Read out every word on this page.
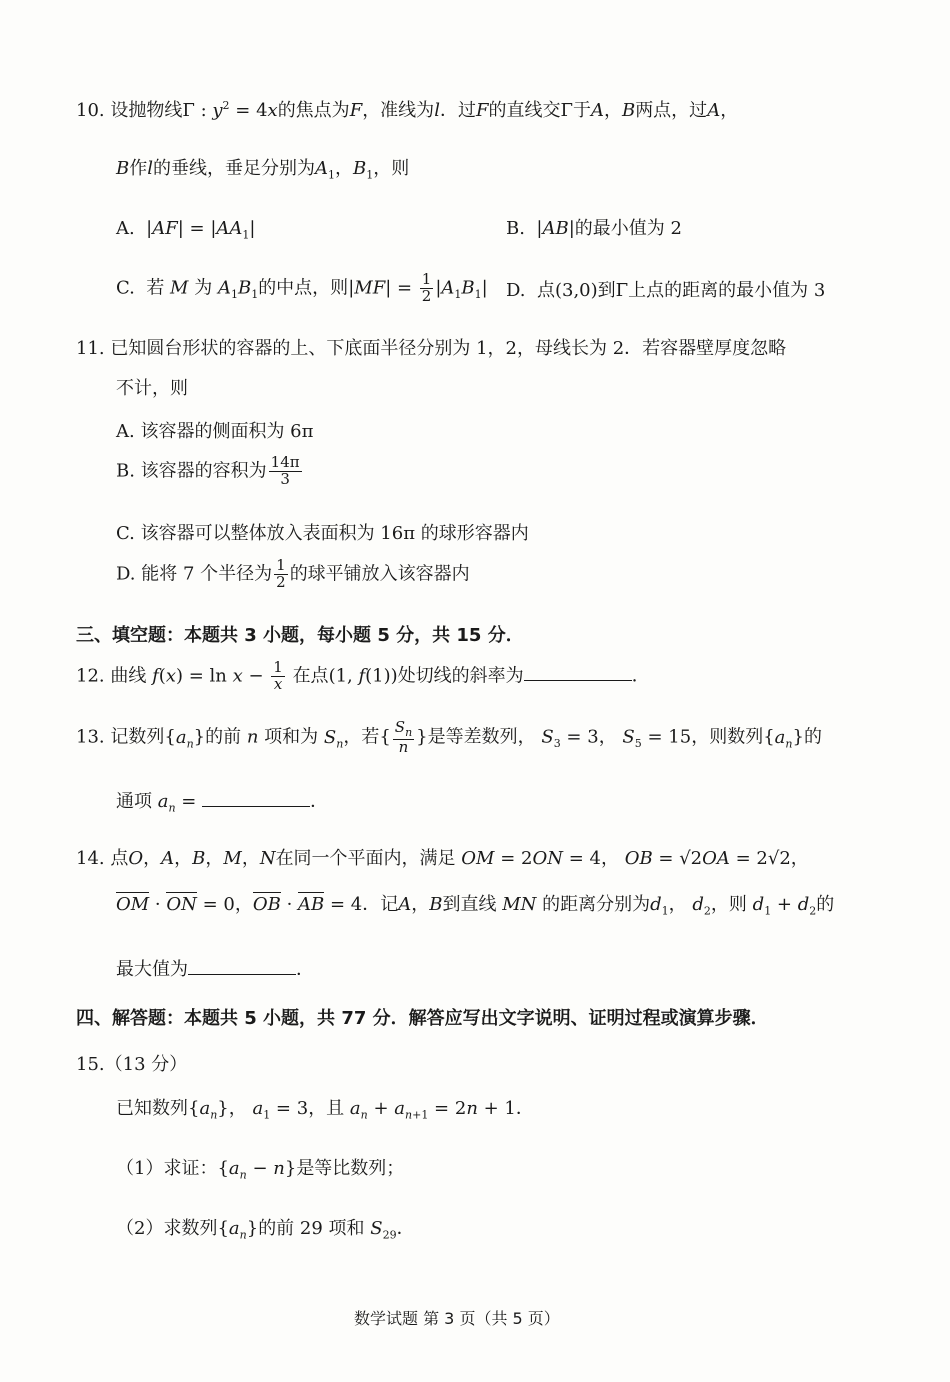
10. 设抛物线Γ : $y^2 = 4x$的焦点为F，准线为l．过F的直线交Γ于A，B两点，过A，
B作l的垂线，垂足分别为$A_1$，$B_1$，则
A.  $|AF| = |AA_1|$	B.  |AB|的最小值为 2
C. 若 M 为 $A_1B_1$的中点，则$|MF| = \frac{1}{2} |A_1B_1|$ D. 点(3,0)到Γ上点的距离的最小值为 3
11. 已知圆台形状的容器的上、下底面半径分别为 1，2，母线长为 2．若容器壁厚度忽略
不计，则
A. 该容器的侧面积为 6π
B. 该容器的容积为 $\frac{14\pi}{3}$
C. 该容器可以整体放入表面积为 16π 的球形容器内
D. 能将 7 个半径为 $\frac{1}{2}$ 的球平铺放入该容器内
三、填空题：本题共 3 小题，每小题 5 分，共 15 分．
12. 曲线 $f(x) = \ln x - \frac{1}{x}$ 在点(1, f(1))处切线的斜率为	．
13. 记数列$\{a_n\}$的前 n 项和为 $S_n$，若{ $\frac{S_n}{n}$ }是等差数列， $S_3 = 3$， $S_5 = 15$，则数列$\{a_n\}$的
通项 $a_n$ =	．
14. 点O，A，B，M，N在同一个平面内，满足 OM = 2ON = 4， OB = √2OA = 2√2，
OM · ON = 0，OB · AB = 4．记A，B到直线 MN 的距离分别为$d_1$， $d_2$，则 $d_1 + d_2$的
最大值为	．
四、解答题：本题共 5 小题，共 77 分．解答应写出文字说明、证明过程或演算步骤．
15.（13 分）
已知数列$\{a_n\}$， $a_1 = 3$，且 $a_n + a_{n+1} = 2n + 1$．
（1）求证：$\{a_n - n\}$是等比数列；
（2）求数列$\{a_n\}$的前 29 项和 $S_{29}$．
数学试题 第 3 页（共 5 页）
